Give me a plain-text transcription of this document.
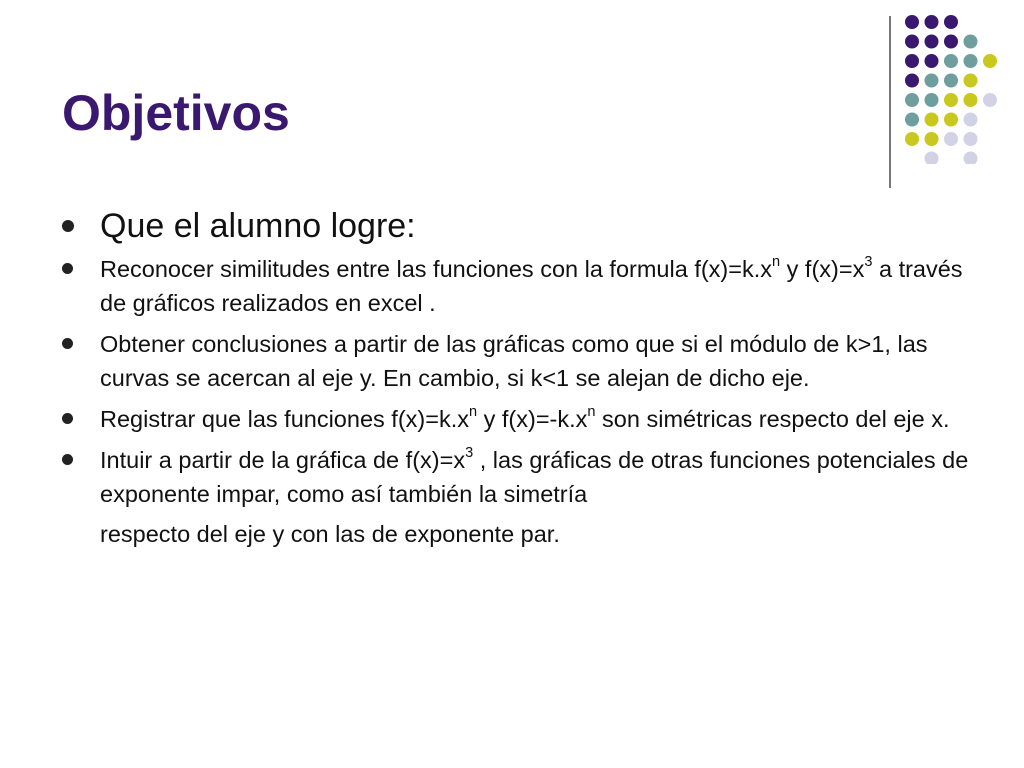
Objetivos
Que el alumno logre:
Reconocer similitudes entre las funciones con la formula $f(x)=k.x^n$ y $f(x)=x^3$ a través de gráficos realizados en excel .
Obtener conclusiones a partir de las gráficas como que si el módulo de k>1, las curvas se acercan al eje y. En cambio, si k<1 se alejan de dicho eje.
Registrar que las funciones $f(x)=k.x^n$ y $f(x)=-k.x^n$ son simétricas respecto del eje x.
Intuir a partir de la gráfica de $f(x)=x^3$ , las gráficas de otras funciones potenciales de exponente impar, como así también la simetría
respecto del eje y con las de exponente par.
